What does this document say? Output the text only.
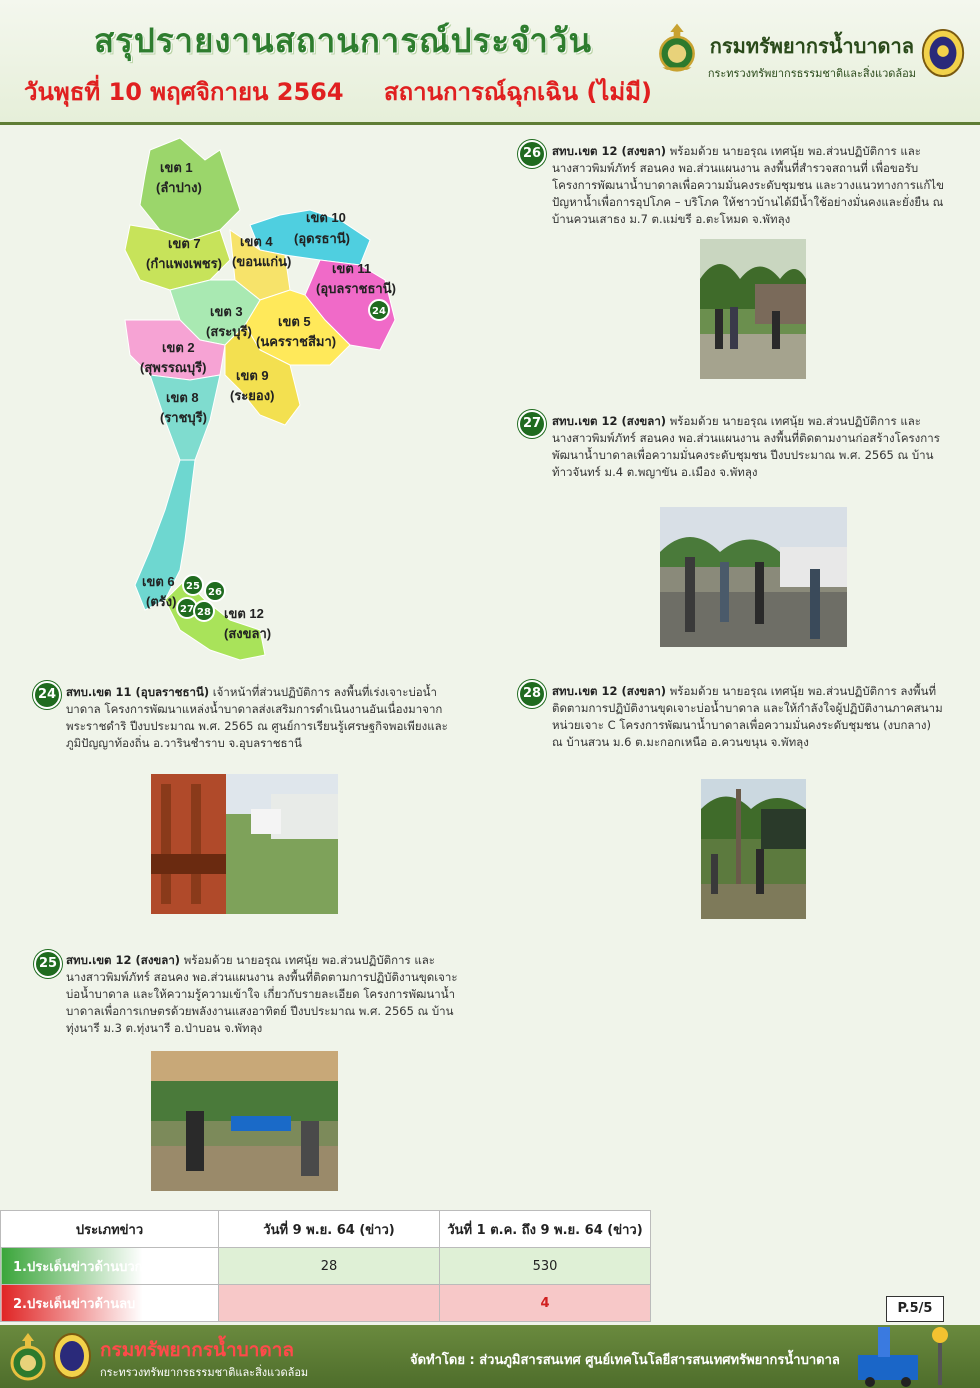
สรุปรายงานสถานการณ์ประจำวัน
วันพุธที่ 10 พฤศจิกายน 2564 สถานการณ์ฉุกเฉิน (ไม่มี)
กรมทรัพยากรน้ำบาดาล
กระทรวงทรัพยากรธรรมชาติและสิ่งแวดล้อม
เขต 1
(ลำปาง)
เขต 10
(อุดรธานี)
เขต 4
(ขอนแก่น)
เขต 7
(กำแพงเพชร)	เขต 11
(อุบลราชธานี)
เขต 3
(สระบุรี)
เขต 5
(นครราชสีมา)
เขต 2
(สุพรรณบุรี)
เขต 9
(ระยอง)
เขต 8
(ราชบุรี)
เขต 6
(ตรัง)
เขต 12
(สงขลา)
24
25
26
27 28
26 สทบ.เขต 12 (สงขลา) พร้อมด้วย นายอรุณ เทศนุ้ย พอ.ส่วนปฏิบัติการ และนางสาวพิมพ์ภัทร์ สอนคง พอ.ส่วนแผนงาน ลงพื้นที่สำรวจสถานที่ เพื่อขอรับโครงการพัฒนาน้ำบาดาลเพื่อความมั่นคงระดับชุมชน และวางแนวทางการแก้ไขปัญหาน้ำเพื่อการอุปโภค – บริโภค ให้ชาวบ้านได้มีน้ำใช้อย่างมั่นคงและยั่งยืน ณ บ้านควนเสาธง ม.7 ต.แม่ขรี อ.ตะโหมด จ.พัทลุง
27 สทบ.เขต 12 (สงขลา) พร้อมด้วย นายอรุณ เทศนุ้ย พอ.ส่วนปฏิบัติการ และนางสาวพิมพ์ภัทร์ สอนคง พอ.ส่วนแผนงาน ลงพื้นที่ติดตามงานก่อสร้างโครงการพัฒนาน้ำบาดาลเพื่อความมั่นคงระดับชุมชน ปีงบประมาณ พ.ศ. 2565 ณ บ้านท้าวจันทร์ ม.4 ต.พญาขัน อ.เมือง จ.พัทลุง
24 สทบ.เขต 11 (อุบลราชธานี) เจ้าหน้าที่ส่วนปฏิบัติการ ลงพื้นที่เร่งเจาะบ่อน้ำบาดาล โครงการพัฒนาแหล่งน้ำบาดาลส่งเสริมการดำเนินงานอันเนื่องมาจากพระราชดำริ ปีงบประมาณ พ.ศ. 2565 ณ ศูนย์การเรียนรู้เศรษฐกิจพอเพียงและภูมิปัญญาท้องถิ่น อ.วารินชำราบ จ.อุบลราชธานี
28 สทบ.เขต 12 (สงขลา) พร้อมด้วย นายอรุณ เทศนุ้ย พอ.ส่วนปฏิบัติการ ลงพื้นที่ติดตามการปฏิบัติงานขุดเจาะบ่อน้ำบาดาล และให้กำลังใจผู้ปฏิบัติงานภาคสนาม หน่วยเจาะ C โครงการพัฒนาน้ำบาดาลเพื่อความมั่นคงระดับชุมชน (งบกลาง) ณ บ้านสวน ม.6 ต.มะกอกเหนือ อ.ควนขนุน จ.พัทลุง
25 สทบ.เขต 12 (สงขลา) พร้อมด้วย นายอรุณ เทศนุ้ย พอ.ส่วนปฏิบัติการ และนางสาวพิมพ์ภัทร์ สอนคง พอ.ส่วนแผนงาน ลงพื้นที่ติดตามการปฏิบัติงานขุดเจาะบ่อน้ำบาดาล และให้ความรู้ความเข้าใจ เกี่ยวกับรายละเอียด โครงการพัฒนาน้ำบาดาลเพื่อการเกษตรด้วยพลังงานแสงอาทิตย์ ปีงบประมาณ พ.ศ. 2565 ณ บ้านทุ่งนารี ม.3 ต.ทุ่งนารี อ.ป่าบอน จ.พัทลุง
ประเภทข่าว	วันที่ 9 พ.ย. 64 (ข่าว)	วันที่ 1 ต.ค. ถึง 9 พ.ย. 64 (ข่าว)
1.ประเด็นข่าวด้านบวก	28	530
2.ประเด็นข่าวด้านลบ		4	P.5/5
กรมทรัพยากรน้ำบาดาล
กระทรวงทรัพยากรธรรมชาติและสิ่งแวดล้อม
จัดทำโดย : ส่วนภูมิสารสนเทศ ศูนย์เทคโนโลยีสารสนเทศทรัพยากรน้ำบาดาล
